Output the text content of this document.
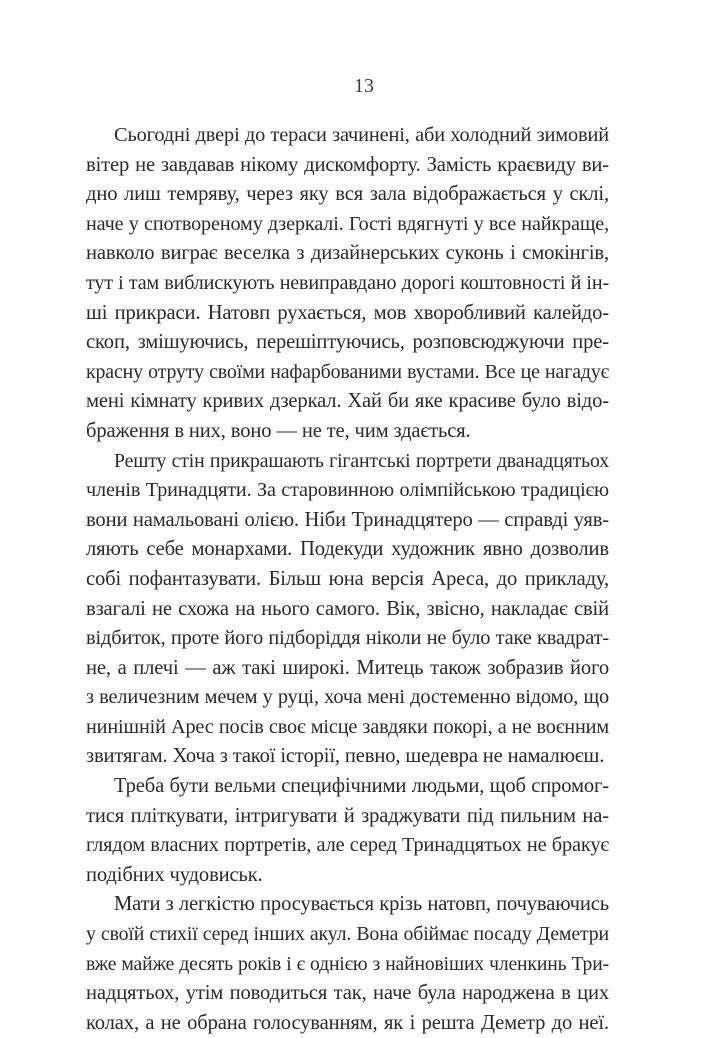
13
Сьогодні двері до тераси зачинені, аби холодний зимовий
вітер не завдавав нікому дискомфорту. Замість краєвиду ви-
дно лиш темряву, через яку вся зала відображається у склі,
наче у спотвореному дзеркалі. Гості вдягнуті у все найкраще,
навколо виграє веселка з дизайнерських суконь і смокінгів,
тут і там виблискують невиправдано дорогі коштовності й ін-
ші прикраси. Натовп рухається, мов хворобливий калейдо-
скоп, змішуючись, перешіптуючись, розповсюджуючи пре-
красну отруту своїми нафарбованими вустами. Все це нагадує
мені кімнату кривих дзеркал. Хай би яке красиве було відо-
браження в них, воно — не те, чим здається.
Решту стін прикрашають гігантські портрети дванадцятьох
членів Тринадцяти. За старовинною олімпійською традицією
вони намальовані олією. Ніби Тринадцятеро — справді уяв-
ляють себе монархами. Подекуди художник явно дозволив
собі пофантазувати. Більш юна версія Ареса, до прикладу,
взагалі не схожа на нього самого. Вік, звісно, накладає свій
відбиток, проте його підборіддя ніколи не було таке квадрат-
не, а плечі — аж такі широкі. Митець також зобразив його
з величезним мечем у руці, хоча мені достеменно відомо, що
нинішній Арес посів своє місце завдяки покорі, а не воєнним
звитягам. Хоча з такої історії, певно, шедевра не намалюєш.
Треба бути вельми специфічними людьми, щоб спромог-
тися пліткувати, інтригувати й зраджувати під пильним на-
глядом власних портретів, але серед Тринадцятьох не бракує
подібних чудовиськ.
Мати з легкістю просувається крізь натовп, почуваючись
у своїй стихії серед інших акул. Вона обіймає посаду Деметри
вже майже десять років і є однією з найновіших членкинь Три-
надцятьох, утім поводиться так, наче була народжена в цих
колах, а не обрана голосуванням, як і решта Деметр до неї.
